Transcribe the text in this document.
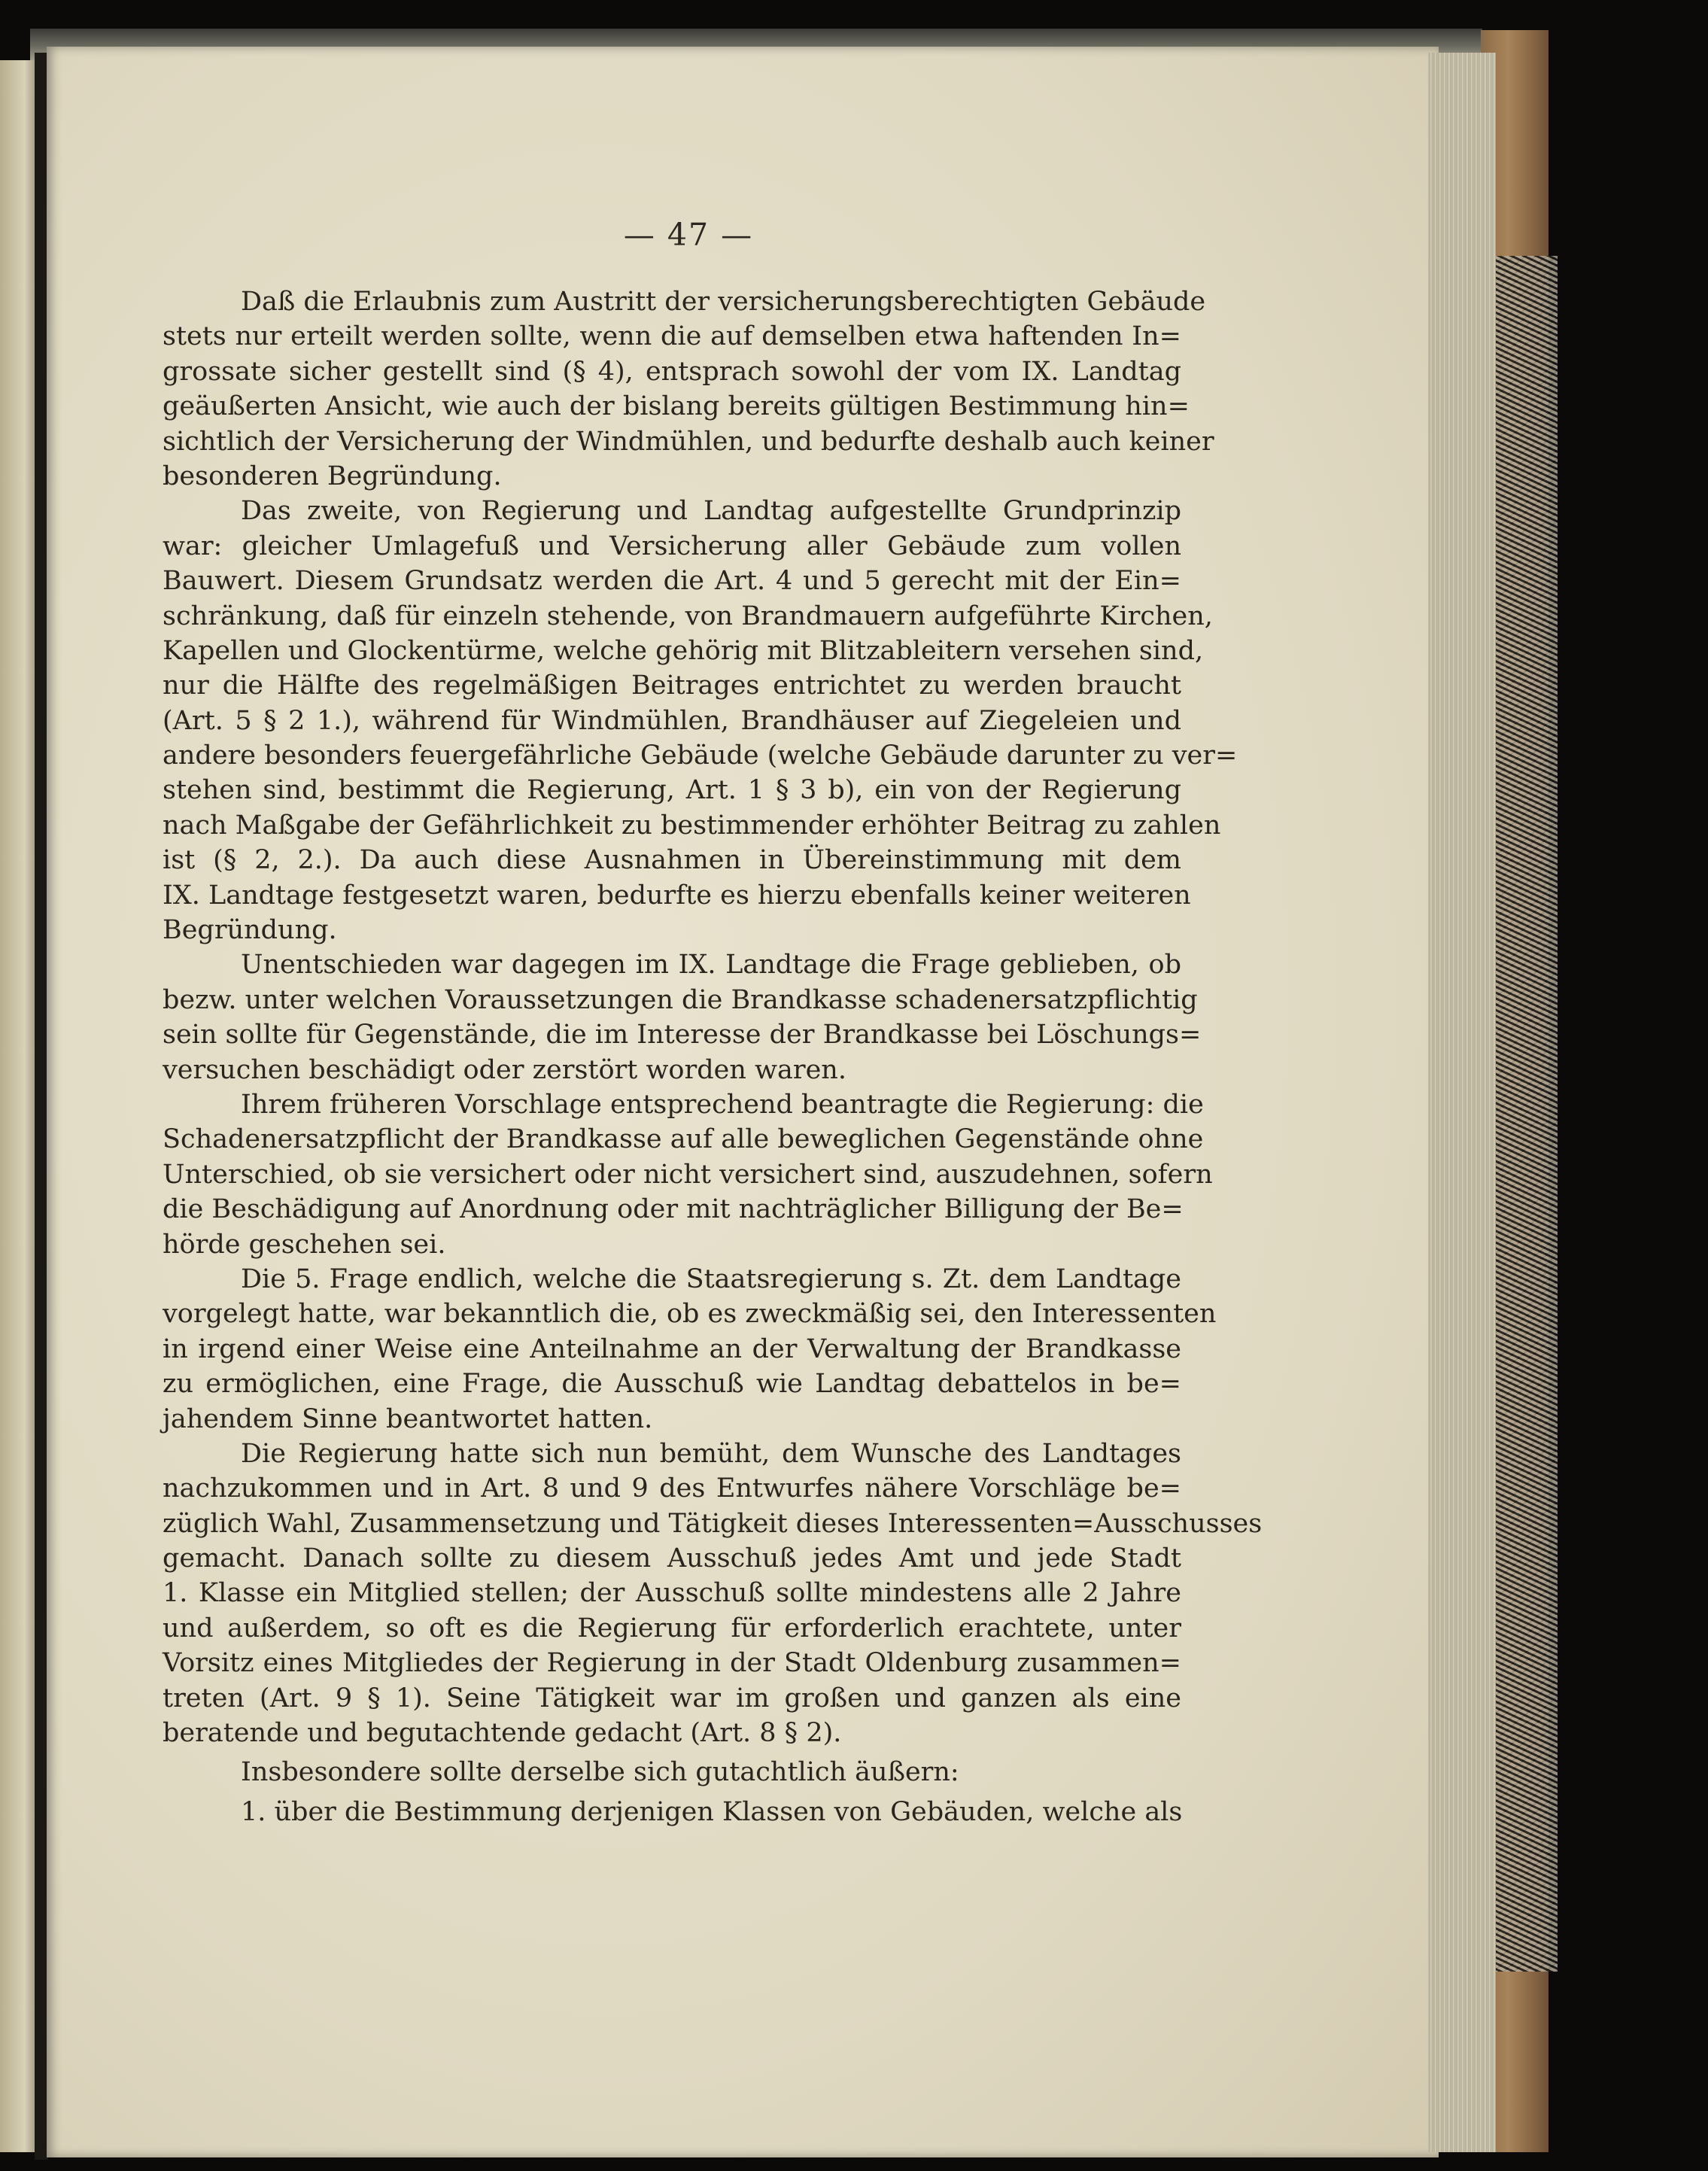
— 47 —
Daß die Erlaubnis zum Austritt der versicherungsberechtigten Gebäude
stets nur erteilt werden sollte, wenn die auf demselben etwa haftenden In=
grossate sicher gestellt sind (§ 4), entsprach sowohl der vom IX. Landtag
geäußerten Ansicht, wie auch der bislang bereits gültigen Bestimmung hin=
sichtlich der Versicherung der Windmühlen, und bedurfte deshalb auch keiner
besonderen Begründung.
Das zweite, von Regierung und Landtag aufgestellte Grundprinzip
war: gleicher Umlagefuß und Versicherung aller Gebäude zum vollen
Bauwert. Diesem Grundsatz werden die Art. 4 und 5 gerecht mit der Ein=
schränkung, daß für einzeln stehende, von Brandmauern aufgeführte Kirchen,
Kapellen und Glockentürme, welche gehörig mit Blitzableitern versehen sind,
nur die Hälfte des regelmäßigen Beitrages entrichtet zu werden braucht
(Art. 5 § 2 1.), während für Windmühlen, Brandhäuser auf Ziegeleien und
andere besonders feuergefährliche Gebäude (welche Gebäude darunter zu ver=
stehen sind, bestimmt die Regierung, Art. 1 § 3 b), ein von der Regierung
nach Maßgabe der Gefährlichkeit zu bestimmender erhöhter Beitrag zu zahlen
ist (§ 2, 2.). Da auch diese Ausnahmen in Übereinstimmung mit dem
IX. Landtage festgesetzt waren, bedurfte es hierzu ebenfalls keiner weiteren
Begründung.
Unentschieden war dagegen im IX. Landtage die Frage geblieben, ob
bezw. unter welchen Voraussetzungen die Brandkasse schadenersatzpflichtig
sein sollte für Gegenstände, die im Interesse der Brandkasse bei Löschungs=
versuchen beschädigt oder zerstört worden waren.
Ihrem früheren Vorschlage entsprechend beantragte die Regierung: die
Schadenersatzpflicht der Brandkasse auf alle beweglichen Gegenstände ohne
Unterschied, ob sie versichert oder nicht versichert sind, auszudehnen, sofern
die Beschädigung auf Anordnung oder mit nachträglicher Billigung der Be=
hörde geschehen sei.
Die 5. Frage endlich, welche die Staatsregierung s. Zt. dem Landtage
vorgelegt hatte, war bekanntlich die, ob es zweckmäßig sei, den Interessenten
in irgend einer Weise eine Anteilnahme an der Verwaltung der Brandkasse
zu ermöglichen, eine Frage, die Ausschuß wie Landtag debattelos in be=
jahendem Sinne beantwortet hatten.
Die Regierung hatte sich nun bemüht, dem Wunsche des Landtages
nachzukommen und in Art. 8 und 9 des Entwurfes nähere Vorschläge be=
züglich Wahl, Zusammensetzung und Tätigkeit dieses Interessenten=Ausschusses
gemacht. Danach sollte zu diesem Ausschuß jedes Amt und jede Stadt
1. Klasse ein Mitglied stellen; der Ausschuß sollte mindestens alle 2 Jahre
und außerdem, so oft es die Regierung für erforderlich erachtete, unter
Vorsitz eines Mitgliedes der Regierung in der Stadt Oldenburg zusammen=
treten (Art. 9 § 1). Seine Tätigkeit war im großen und ganzen als eine
beratende und begutachtende gedacht (Art. 8 § 2).
Insbesondere sollte derselbe sich gutachtlich äußern:
1. über die Bestimmung derjenigen Klassen von Gebäuden, welche als
